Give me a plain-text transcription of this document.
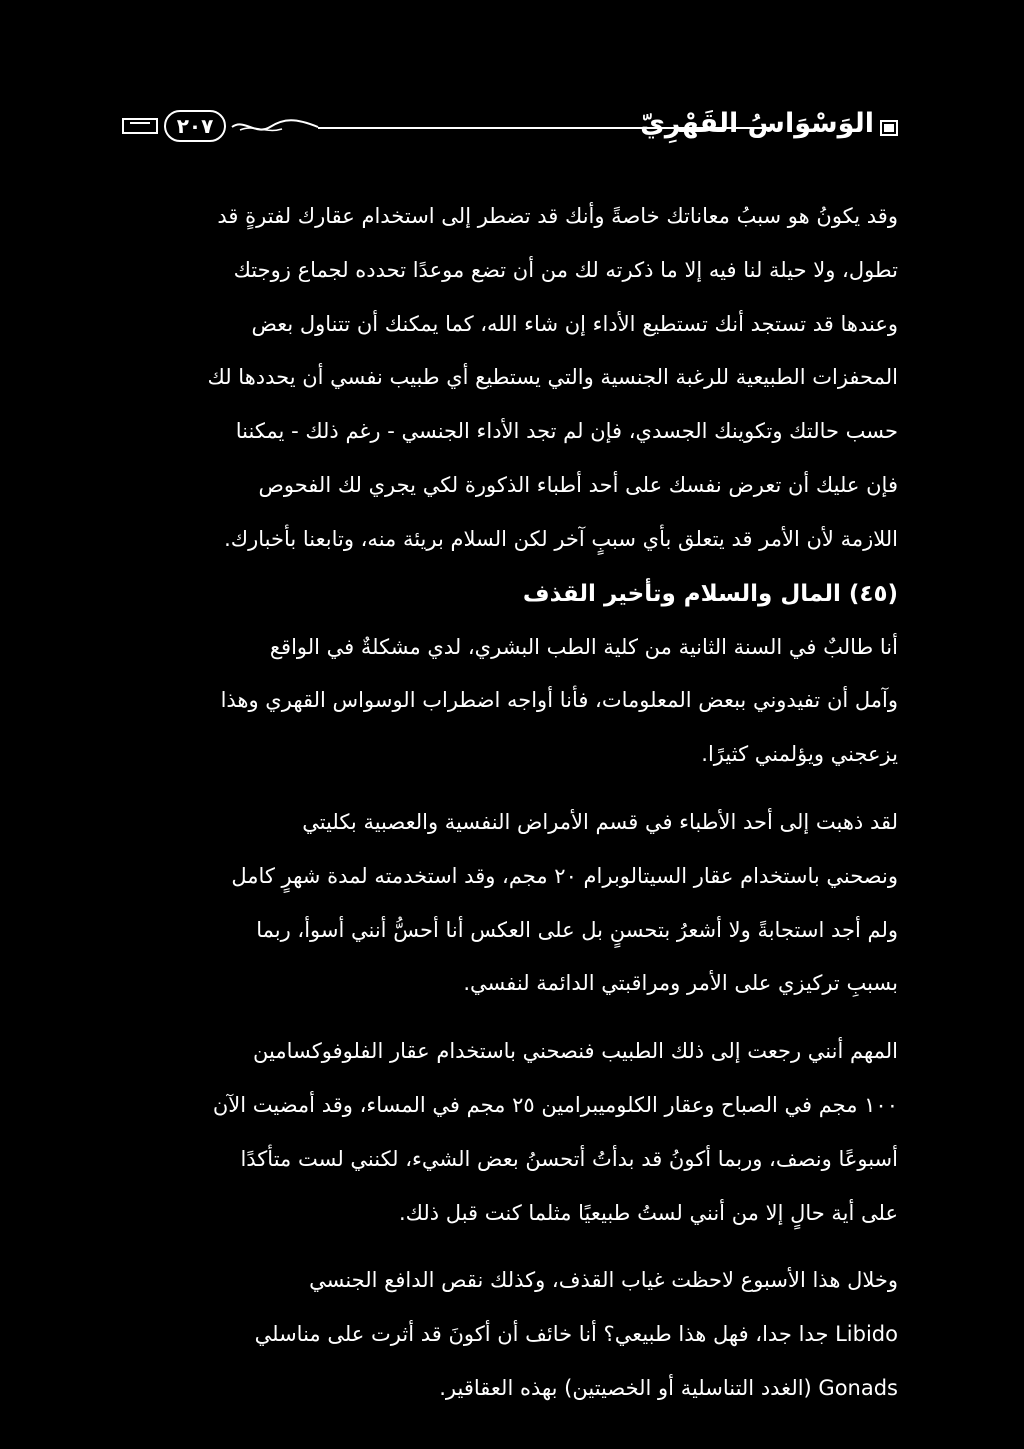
٢٠٧	الوَسْوَاسُ القَهْرِيّ

وقد يكونُ هو سببُ معاناتك خاصةً وأنك قد تضطر إلى استخدام عقارك لفترةٍ قد

تطول، ولا حيلة لنا فيه إلا ما ذكرته لك من أن تضع موعدًا تحدده لجماع زوجتك

وعندها قد تستجد أنك تستطيع الأداء إن شاء الله، كما يمكنك أن تتناول بعض

المحفزات الطبيعية للرغبة الجنسية والتي يستطيع أي طبيب نفسي أن يحددها لك

حسب حالتك وتكوينك الجسدي، فإن لم تجد الأداء الجنسي - رغم ذلك - يمكننا

فإن عليك أن تعرض نفسك على أحد أطباء الذكورة لكي يجري لك الفحوص

اللازمة لأن الأمر قد يتعلق بأي سببٍ آخر لكن السلام بريئة منه، وتابعنا بأخبارك.

(٤٥) المال والسلام وتأخير القذف

أنا طالبٌ في السنة الثانية من كلية الطب البشري، لدي مشكلةٌ في الواقع

وآمل أن تفيدوني ببعض المعلومات، فأنا أواجه اضطراب الوسواس القهري وهذا

يزعجني ويؤلمني كثيرًا.

لقد ذهبت إلى أحد الأطباء في قسم الأمراض النفسية والعصبية بكليتي

ونصحني باستخدام عقار السيتالوبرام ٢٠ مجم، وقد استخدمته لمدة شهرٍ كامل

ولم أجد استجابةً ولا أشعرُ بتحسنٍ بل على العكس أنا أحسُّ أنني أسوأ، ربما

بسببِ تركيزي على الأمر ومراقبتي الدائمة لنفسي.

المهم أنني رجعت إلى ذلك الطبيب فنصحني باستخدام عقار الفلوفوكسامين

١٠٠ مجم في الصباح وعقار الكلوميبرامين ٢٥ مجم في المساء، وقد أمضيت الآن

أسبوعًا ونصف، وربما أكونُ قد بدأتُ أتحسنُ بعض الشيء، لكنني لست متأكدًا

على أية حالٍ إلا من أنني لستُ طبيعيًا مثلما كنت قبل ذلك.

وخلال هذا الأسبوع لاحظت غياب القذف، وكذلك نقص الدافع الجنسي

Libido جدا جدا، فهل هذا طبيعي؟ أنا خائف أن أكونَ قد أثرت على مناسلي

Gonads (الغدد التناسلية أو الخصيتين) بهذه العقاقير.
